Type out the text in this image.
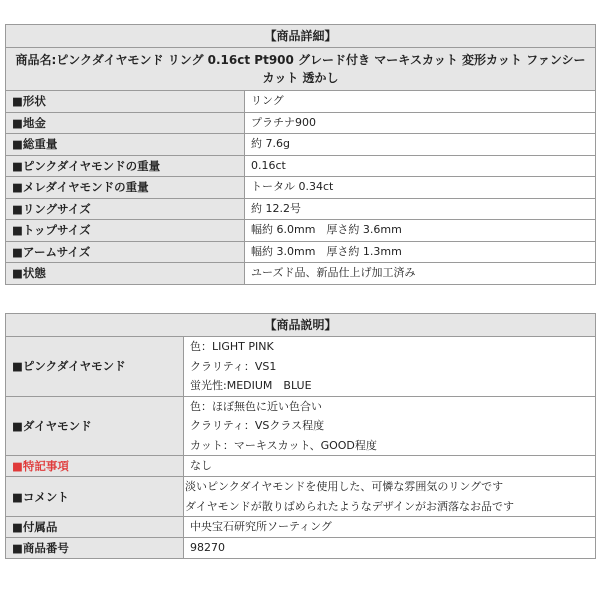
【商品詳細】	
商品名:ピンクダイヤモンド リング 0.16ct Pt900 グレード付き マーキスカット 変形カット ファンシーカット 透かし	
■形状	リング
■地金	プラチナ900
■総重量	約 7.6g
■ピンクダイヤモンドの重量	0.16ct
■メレダイヤモンドの重量	トータル 0.34ct
■リングサイズ	約 12.2号
■トップサイズ	幅約 6.0mm　厚さ約 3.6mm
■アームサイズ	幅約 3.0mm　厚さ約 1.3mm
■状態	ユーズド品、新品仕上げ加工済み
【商品説明】	
■ピンクダイヤモンド	色：LIGHT PINK
クラリティ：VS1
蛍光性:MEDIUM　BLUE

■ダイヤモンド	色：ほぼ無色に近い色合い
クラリティ：VSクラス程度
カット：マーキスカット、GOOD程度

■特記事項	なし
■コメント	淡いピンクダイヤモンドを使用した、可憐な雰囲気のリングです
ダイヤモンドが散りばめられたようなデザインがお洒落なお品です

■付属品	中央宝石研究所ソーティング
■商品番号	98270
